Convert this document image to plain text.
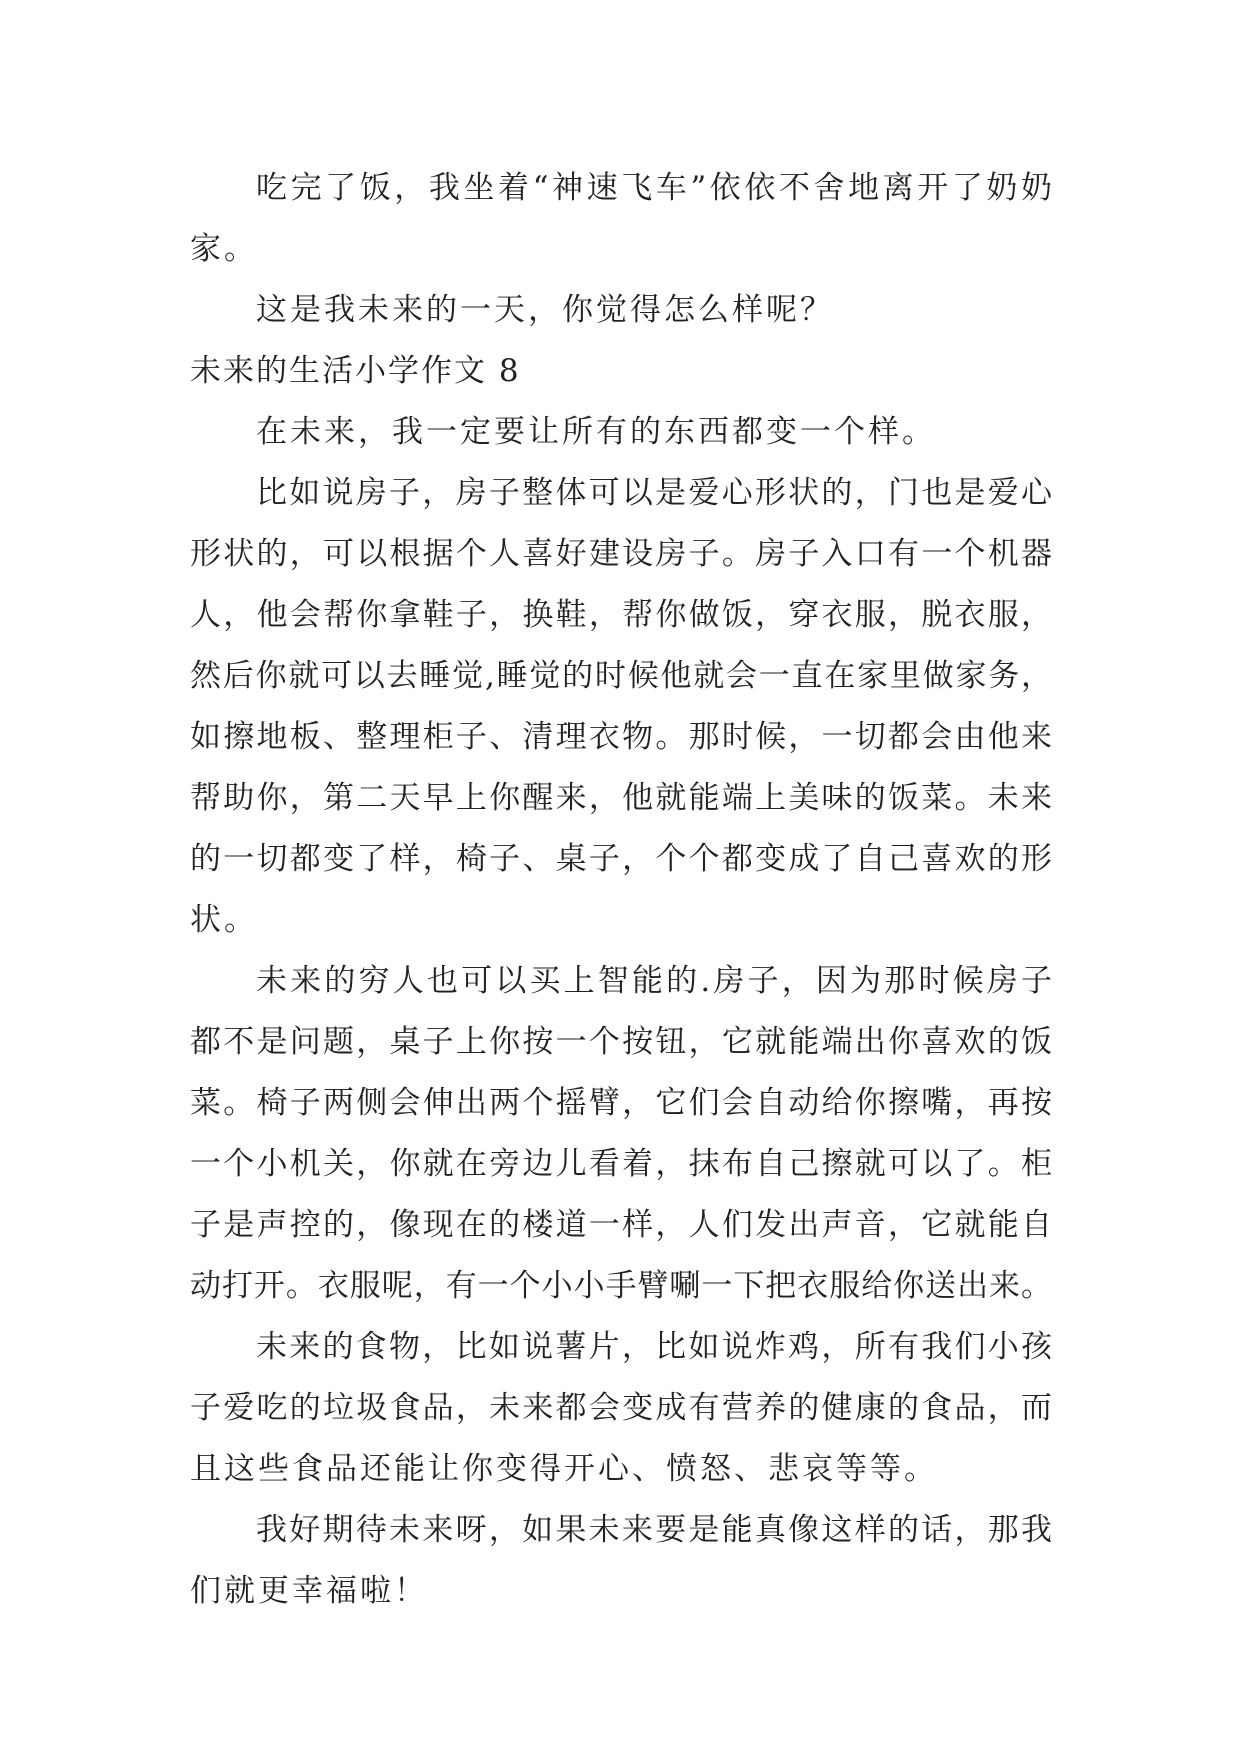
吃完了饭，我坐着“神速飞车”依依不舍地离开了奶奶
家。
这是我未来的一天，你觉得怎么样呢？
未来的生活小学作文 8
在未来，我一定要让所有的东西都变一个样。
比如说房子，房子整体可以是爱心形状的，门也是爱心
形状的，可以根据个人喜好建设房子。房子入口有一个机器
人，他会帮你拿鞋子，换鞋，帮你做饭，穿衣服，脱衣服，
然后你就可以去睡觉,睡觉的时候他就会一直在家里做家务，
如擦地板、整理柜子、清理衣物。那时候，一切都会由他来
帮助你，第二天早上你醒来，他就能端上美味的饭菜。未来
的一切都变了样，椅子、桌子，个个都变成了自己喜欢的形
状。
未来的穷人也可以买上智能的.房子，因为那时候房子
都不是问题，桌子上你按一个按钮，它就能端出你喜欢的饭
菜。椅子两侧会伸出两个摇臂，它们会自动给你擦嘴，再按
一个小机关，你就在旁边儿看着，抹布自己擦就可以了。柜
子是声控的，像现在的楼道一样，人们发出声音，它就能自
动打开。衣服呢，有一个小小手臂唰一下把衣服给你送出来。
未来的食物，比如说薯片，比如说炸鸡，所有我们小孩
子爱吃的垃圾食品，未来都会变成有营养的健康的食品，而
且这些食品还能让你变得开心、愤怒、悲哀等等。
我好期待未来呀，如果未来要是能真像这样的话，那我
们就更幸福啦！
